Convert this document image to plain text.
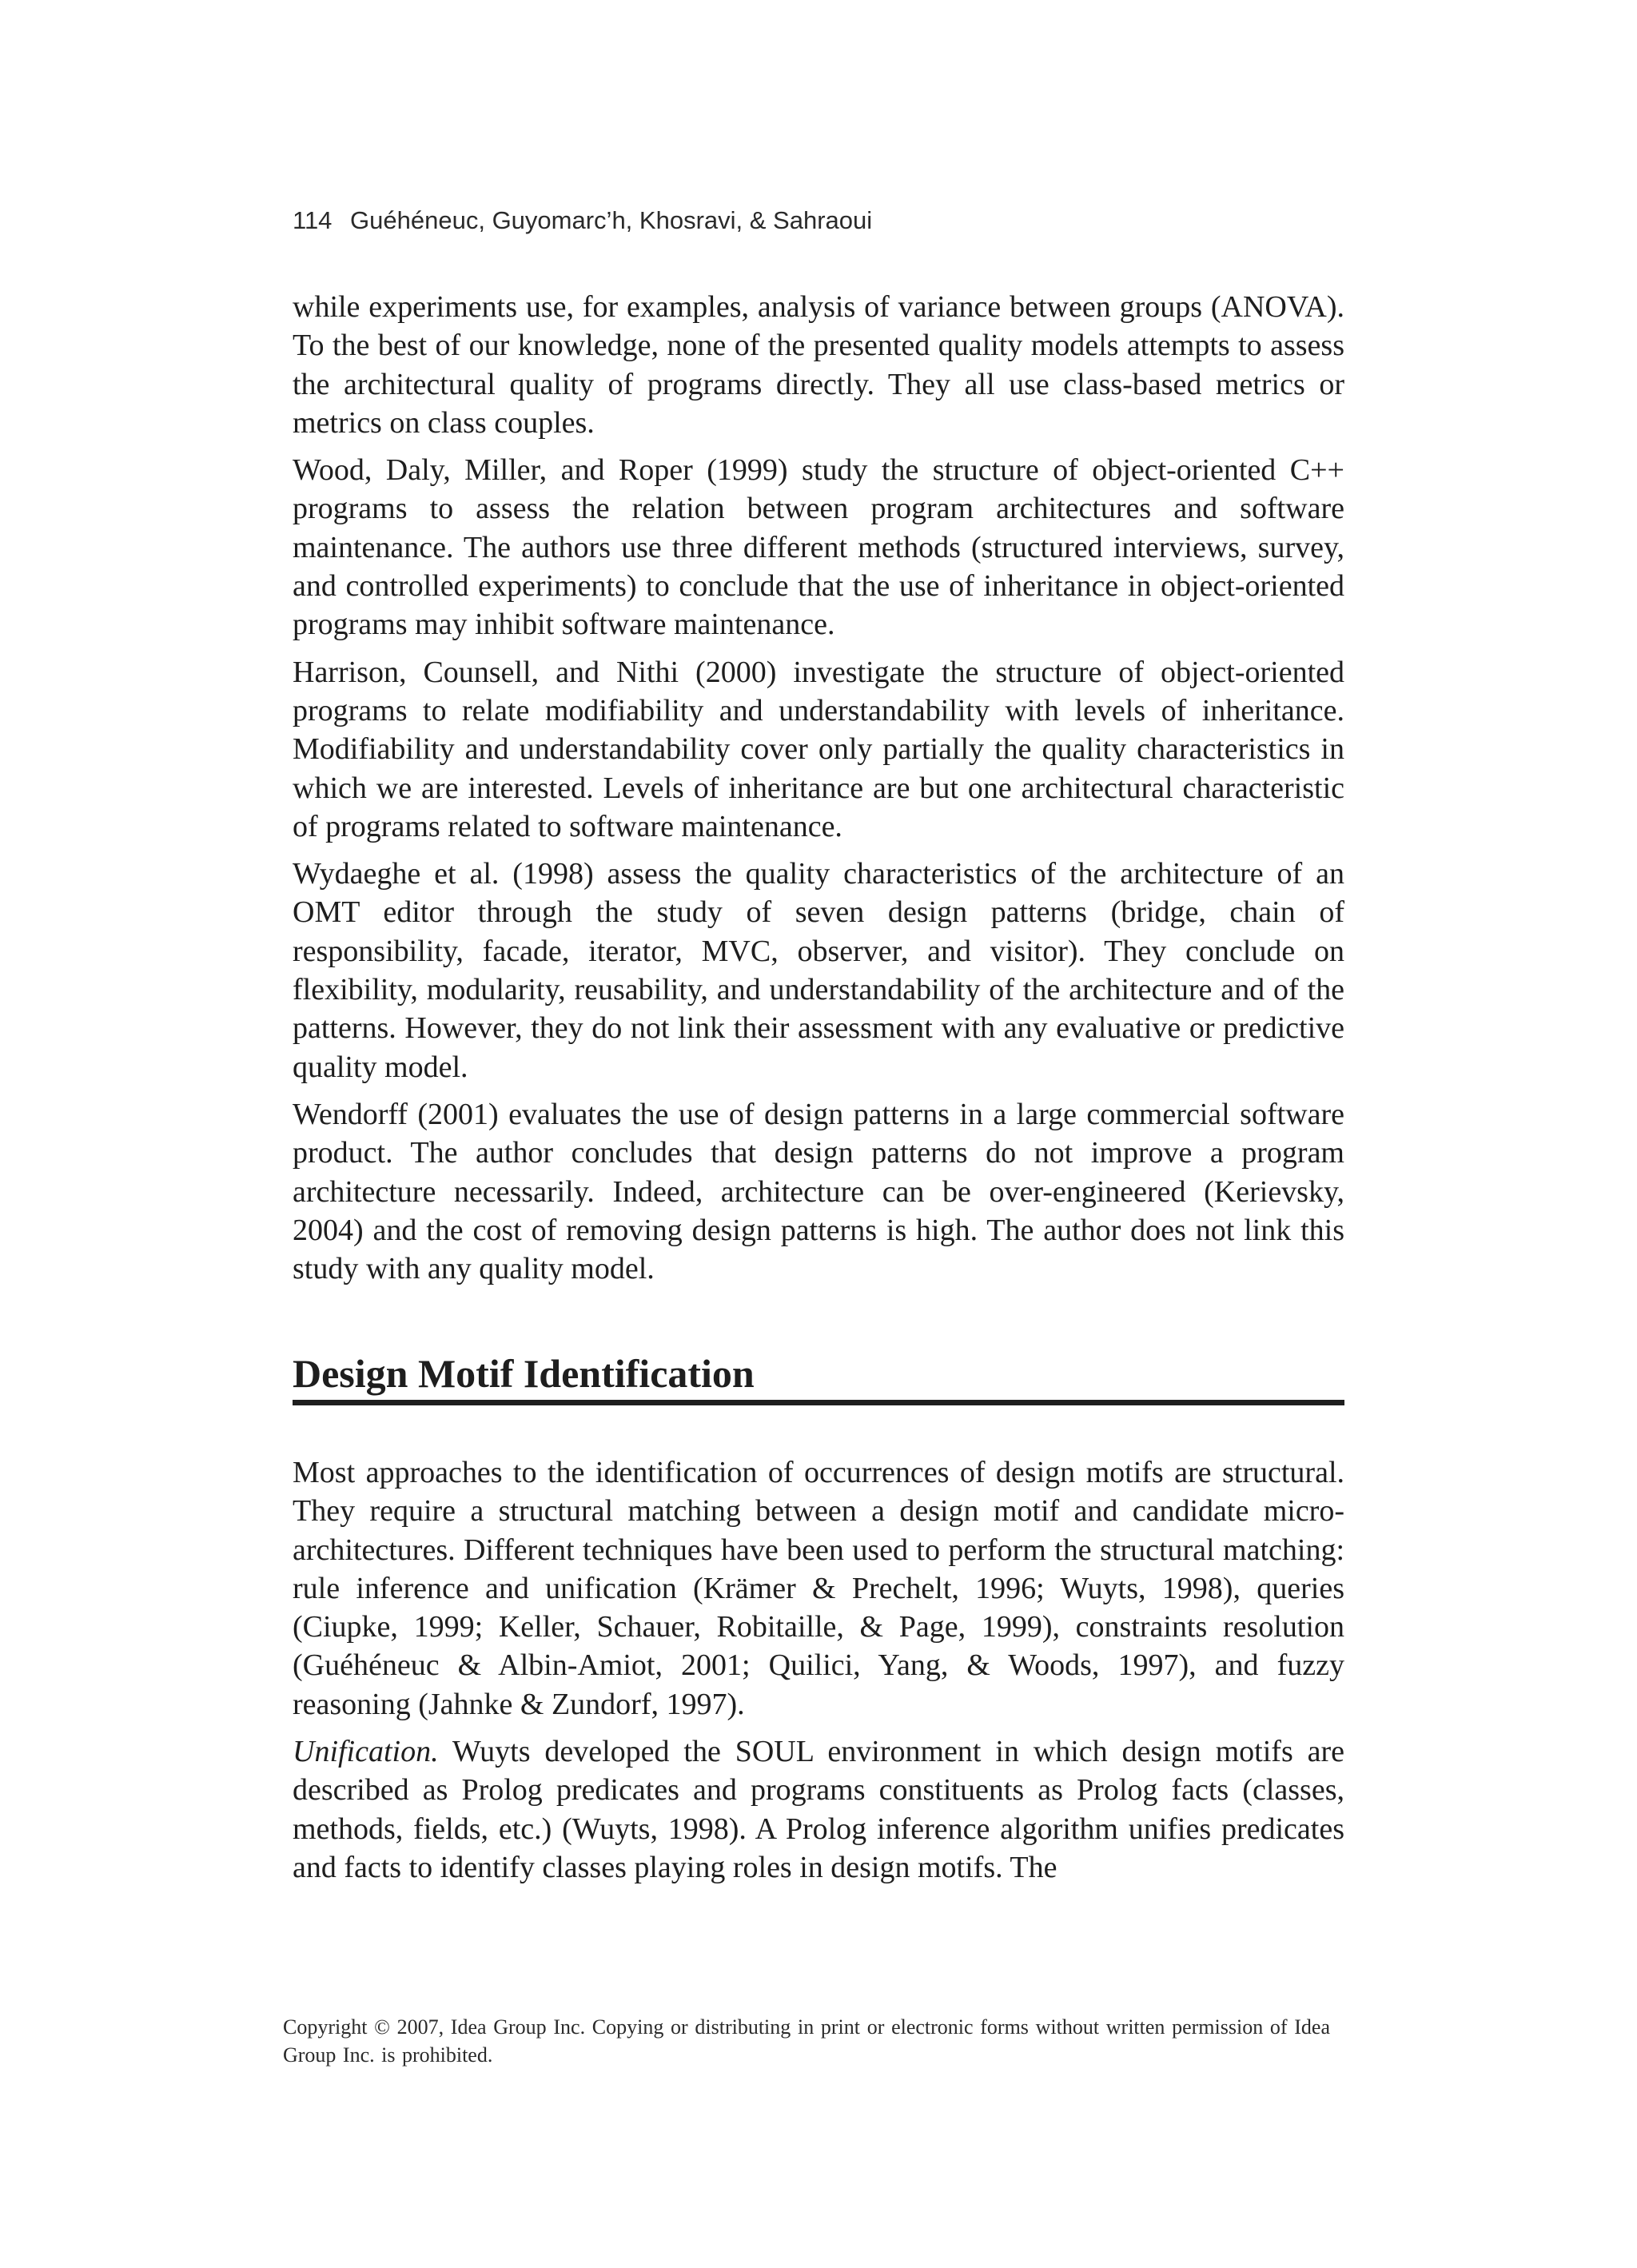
114 Guéhéneuc, Guyomarc’h, Khosravi, & Sahraoui

while experiments use, for examples, analysis of variance between groups (ANOVA). To the best of our knowledge, none of the presented quality models attempts to assess the architectural quality of programs directly. They all use class-based metrics or metrics on class couples.

Wood, Daly, Miller, and Roper (1999) study the structure of object-oriented C++ programs to assess the relation between program architectures and software maintenance. The authors use three different methods (structured interviews, survey, and controlled experiments) to conclude that the use of inheritance in object-oriented programs may inhibit software maintenance.

Harrison, Counsell, and Nithi (2000) investigate the structure of object-oriented programs to relate modifiability and understandability with levels of inheritance. Modifiability and understandability cover only partially the quality characteristics in which we are interested. Levels of inheritance are but one architectural characteristic of programs related to software maintenance.

Wydaeghe et al. (1998) assess the quality characteristics of the architecture of an OMT editor through the study of seven design patterns (bridge, chain of responsibility, facade, iterator, MVC, observer, and visitor). They conclude on flexibility, modularity, reusability, and understandability of the architecture and of the patterns. However, they do not link their assessment with any evaluative or predictive quality model.

Wendorff (2001) evaluates the use of design patterns in a large commercial software product. The author concludes that design patterns do not improve a program architecture necessarily. Indeed, architecture can be over-engineered (Kerievsky, 2004) and the cost of removing design patterns is high. The author does not link this study with any quality model.

Design Motif Identification

Most approaches to the identification of occurrences of design motifs are structural. They require a structural matching between a design motif and candidate micro-architectures. Different techniques have been used to perform the structural matching: rule inference and unification (Krämer & Prechelt, 1996; Wuyts, 1998), queries (Ciupke, 1999; Keller, Schauer, Robitaille, & Page, 1999), constraints resolution (Guéhéneuc & Albin-Amiot, 2001; Quilici, Yang, & Woods, 1997), and fuzzy reasoning (Jahnke & Zundorf, 1997).

Unification. Wuyts developed the SOUL environment in which design motifs are described as Prolog predicates and programs constituents as Prolog facts (classes, methods, fields, etc.) (Wuyts, 1998). A Prolog inference algorithm unifies predicates and facts to identify classes playing roles in design motifs. The

Copyright © 2007, Idea Group Inc. Copying or distributing in print or electronic forms without written permission of Idea Group Inc. is prohibited.
